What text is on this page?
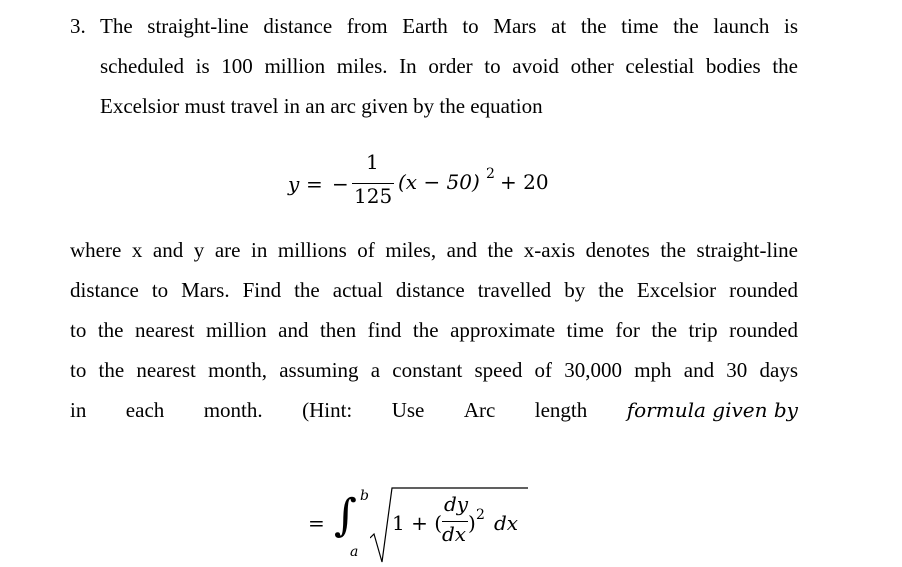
3. The straight-line distance from Earth to Mars at the time the launch is
scheduled is 100 million miles. In order to avoid other celestial bodies the
Excelsior must travel in an arc given by the equation
y = −
1
125
(x − 50) 2 + 20
where x and y are in millions of miles, and the x-axis denotes the straight-line
distance to Mars. Find the actual distance travelled by the Excelsior rounded
to the nearest million and then find the approximate time for the trip rounded
to the nearest month, assuming a constant speed of 30,000 mph and 30 days
in each month. (Hint: Use Arc length formula given by
= ∫ b
a
1 + (
dy
dx ) 2 dx
